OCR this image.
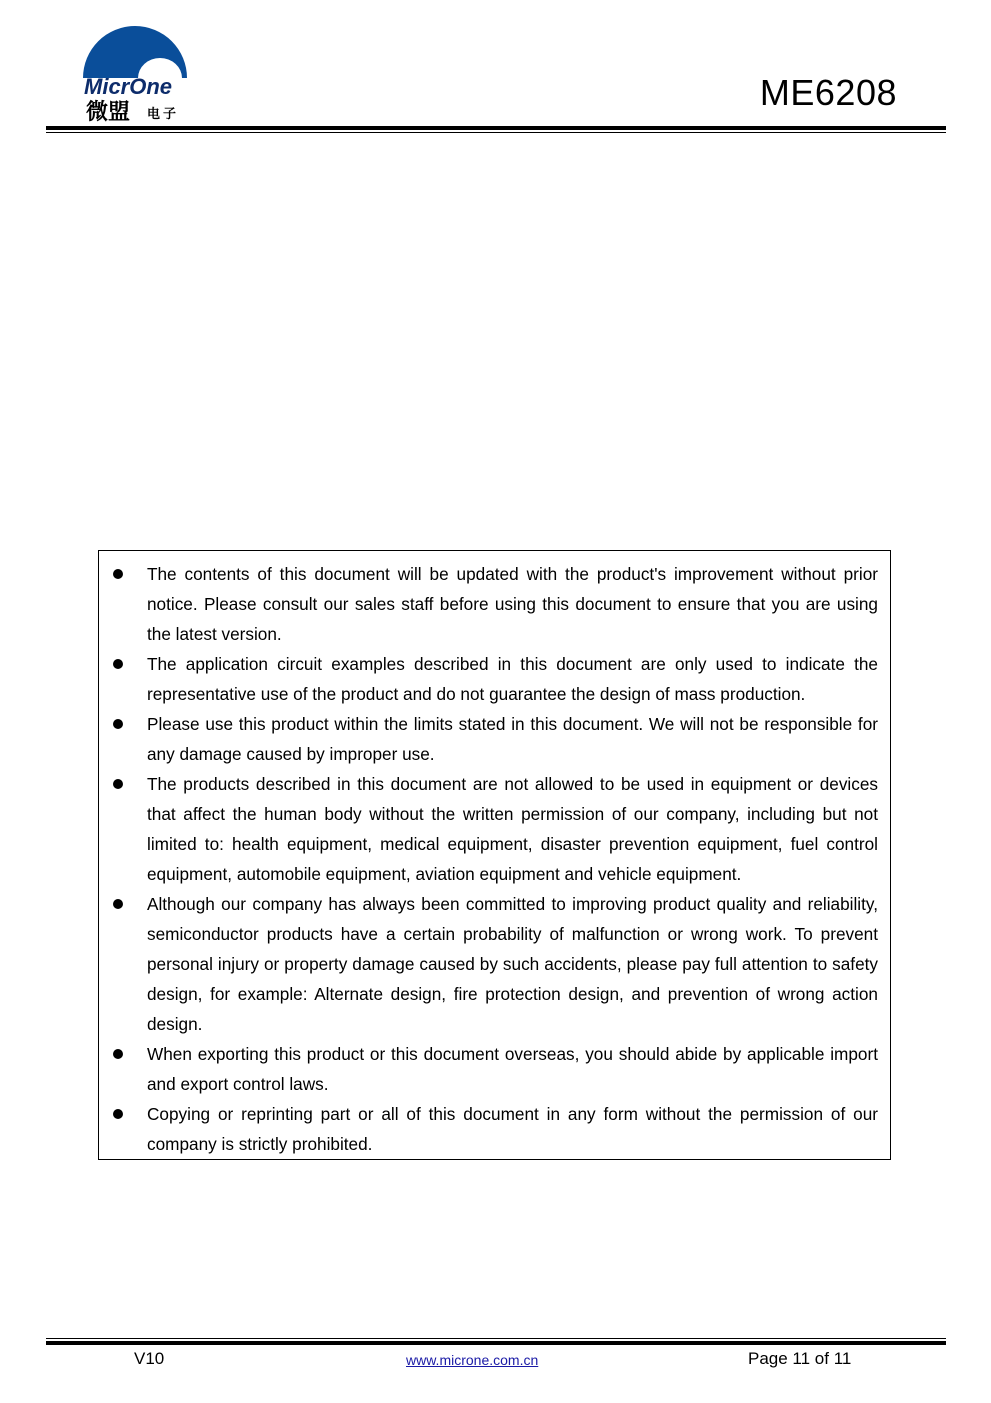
MicrOne
微盟 电子
ME6208
The contents of this document will be updated with the product's improvement without prior notice. Please consult our sales staff before using this document to ensure that you are using the latest version.
The application circuit examples described in this document are only used to indicate the representative use of the product and do not guarantee the design of mass production.
Please use this product within the limits stated in this document. We will not be responsible for any damage caused by improper use.
The products described in this document are not allowed to be used in equipment or devices that affect the human body without the written permission of our company, including but not limited to: health equipment, medical equipment, disaster prevention equipment, fuel control equipment, automobile equipment, aviation equipment and vehicle equipment.
Although our company has always been committed to improving product quality and reliability, semiconductor products have a certain probability of malfunction or wrong work. To prevent personal injury or property damage caused by such accidents, please pay full attention to safety design, for example: Alternate design, fire protection design, and prevention of wrong action design.
When exporting this product or this document overseas, you should abide by applicable import and export control laws.
Copying or reprinting part or all of this document in any form without the permission of our company is strictly prohibited.
V10	www.microne.com.cn	Page 11 of 11
